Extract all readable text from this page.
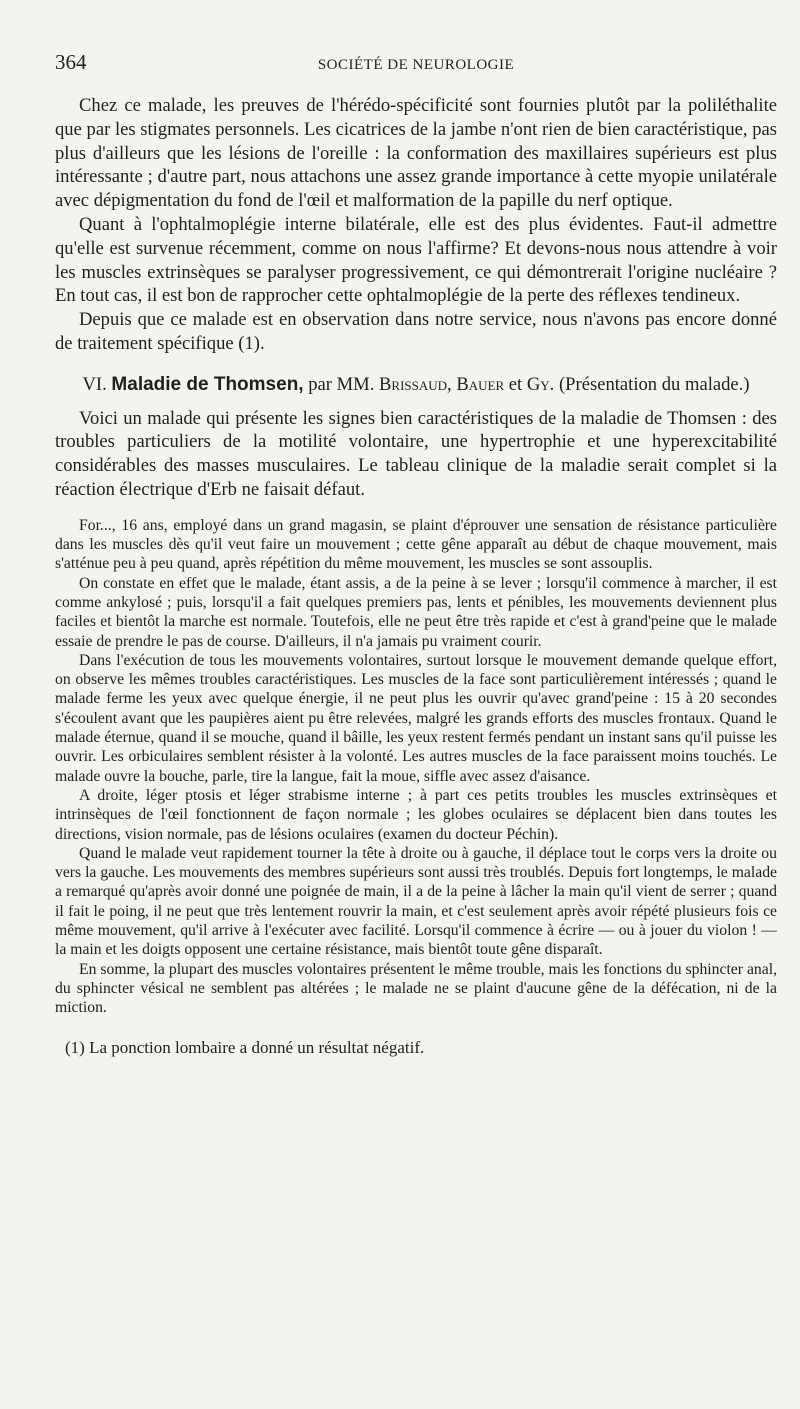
364	SOCIÉTÉ DE NEUROLOGIE

Chez ce malade, les preuves de l'hérédo-spécificité sont fournies plutôt par la poliléthalite que par les stigmates personnels. Les cicatrices de la jambe n'ont rien de bien caractéristique, pas plus d'ailleurs que les lésions de l'oreille : la conformation des maxillaires supérieurs est plus intéressante ; d'autre part, nous attachons une assez grande importance à cette myopie unilatérale avec dépigmentation du fond de l'œil et malformation de la papille du nerf optique.

Quant à l'ophtalmoplégie interne bilatérale, elle est des plus évidentes. Faut-il admettre qu'elle est survenue récemment, comme on nous l'affirme? Et devons-nous nous attendre à voir les muscles extrinsèques se paralyser progressivement, ce qui démontrerait l'origine nucléaire ? En tout cas, il est bon de rapprocher cette ophtalmoplégie de la perte des réflexes tendineux.

Depuis que ce malade est en observation dans notre service, nous n'avons pas encore donné de traitement spécifique (1).

VI. Maladie de Thomsen, par MM. Brissaud, Bauer et Gy. (Présentation du malade.)

Voici un malade qui présente les signes bien caractéristiques de la maladie de Thomsen : des troubles particuliers de la motilité volontaire, une hypertrophie et une hyperexcitabilité considérables des masses musculaires. Le tableau clinique de la maladie serait complet si la réaction électrique d'Erb ne faisait défaut.

For..., 16 ans, employé dans un grand magasin, se plaint d'éprouver une sensation de résistance particulière dans les muscles dès qu'il veut faire un mouvement ; cette gêne apparaît au début de chaque mouvement, mais s'atténue peu à peu quand, après répétition du même mouvement, les muscles se sont assouplis.

On constate en effet que le malade, étant assis, a de la peine à se lever ; lorsqu'il commence à marcher, il est comme ankylosé ; puis, lorsqu'il a fait quelques premiers pas, lents et pénibles, les mouvements deviennent plus faciles et bientôt la marche est normale. Toutefois, elle ne peut être très rapide et c'est à grand'peine que le malade essaie de prendre le pas de course. D'ailleurs, il n'a jamais pu vraiment courir.

Dans l'exécution de tous les mouvements volontaires, surtout lorsque le mouvement demande quelque effort, on observe les mêmes troubles caractéristiques. Les muscles de la face sont particulièrement intéressés ; quand le malade ferme les yeux avec quelque énergie, il ne peut plus les ouvrir qu'avec grand'peine : 15 à 20 secondes s'écoulent avant que les paupières aient pu être relevées, malgré les grands efforts des muscles frontaux. Quand le malade éternue, quand il se mouche, quand il bâille, les yeux restent fermés pendant un instant sans qu'il puisse les ouvrir. Les orbiculaires semblent résister à la volonté. Les autres muscles de la face paraissent moins touchés. Le malade ouvre la bouche, parle, tire la langue, fait la moue, siffle avec assez d'aisance.

A droite, léger ptosis et léger strabisme interne ; à part ces petits troubles les muscles extrinsèques et intrinsèques de l'œil fonctionnent de façon normale ; les globes oculaires se déplacent bien dans toutes les directions, vision normale, pas de lésions oculaires (examen du docteur Péchin).

Quand le malade veut rapidement tourner la tête à droite ou à gauche, il déplace tout le corps vers la droite ou vers la gauche. Les mouvements des membres supérieurs sont aussi très troublés. Depuis fort longtemps, le malade a remarqué qu'après avoir donné une poignée de main, il a de la peine à lâcher la main qu'il vient de serrer ; quand il fait le poing, il ne peut que très lentement rouvrir la main, et c'est seulement après avoir répété plusieurs fois ce même mouvement, qu'il arrive à l'exécuter avec facilité. Lorsqu'il commence à écrire — ou à jouer du violon ! — la main et les doigts opposent une certaine résistance, mais bientôt toute gêne disparaît.

En somme, la plupart des muscles volontaires présentent le même trouble, mais les fonctions du sphincter anal, du sphincter vésical ne semblent pas altérées ; le malade ne se plaint d'aucune gêne de la défécation, ni de la miction.

(1) La ponction lombaire a donné un résultat négatif.
